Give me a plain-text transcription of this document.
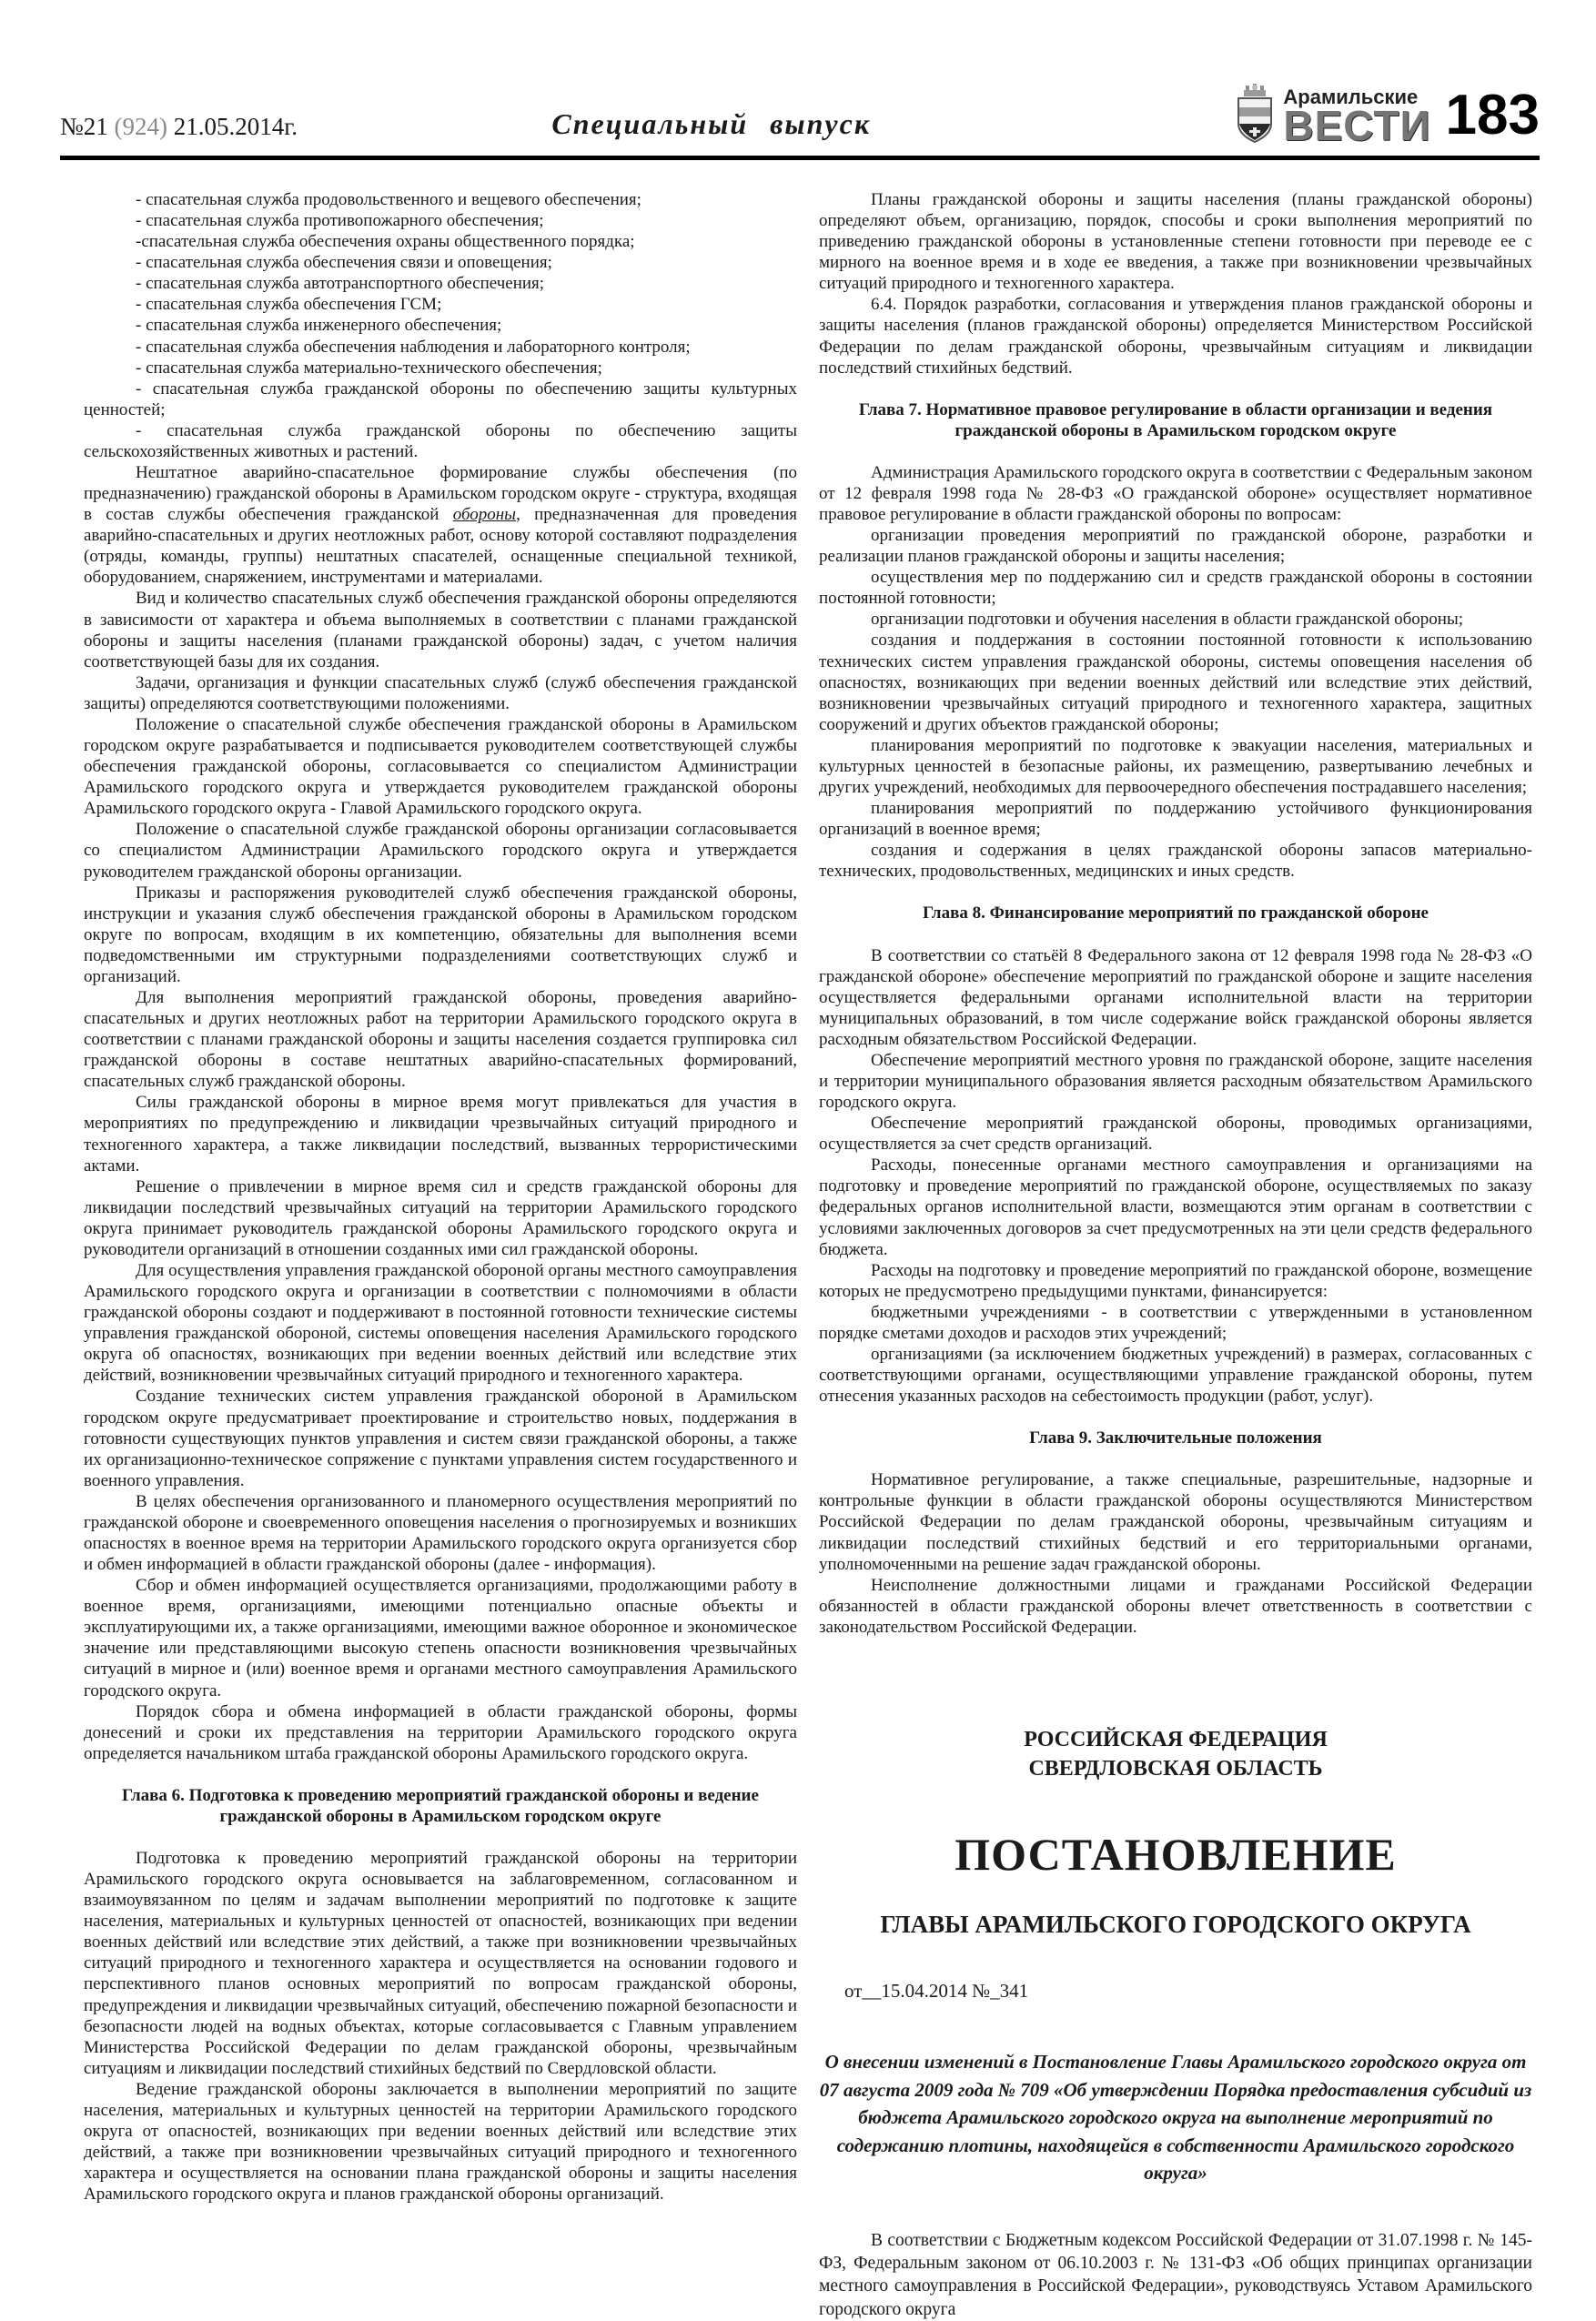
№21 (924) 21.05.2014г.	Специальный выпуск
Арамильские
ВЕСТИ 183

- спасательная служба продовольственного и вещевого обеспечения;

- спасательная служба противопожарного обеспечения;

-спасательная служба обеспечения охраны общественного порядка;

- спасательная служба обеспечения связи и оповещения;

- спасательная служба автотранспортного обеспечения;

- спасательная служба обеспечения ГСМ;

- спасательная служба инженерного обеспечения;

- спасательная служба обеспечения наблюдения и лабораторного контроля;

- спасательная служба материально-технического обеспечения;

- спасательная служба гражданской обороны по обеспечению защиты культурных ценностей;

- спасательная служба гражданской обороны по обеспечению защиты сельскохозяйственных животных и растений.

Нештатное аварийно-спасательное формирование службы обеспечения (по предназначению) гражданской обороны в Арамильском городском округе - структура, входящая в состав службы обеспечения гражданской обороны, предназначенная для проведения аварийно-спасательных и других неотложных работ, основу которой составляют подразделения (отряды, команды, группы) нештатных спасателей, оснащенные специальной техникой, оборудованием, снаряжением, инструментами и материалами.

Вид и количество спасательных служб обеспечения гражданской обороны определяются в зависимости от характера и объема выполняемых в соответствии с планами гражданской обороны и защиты населения (планами гражданской обороны) задач, с учетом наличия соответствующей базы для их создания.

Задачи, организация и функции спасательных служб (служб обеспечения гражданской защиты) определяются соответствующими положениями.

Положение о спасательной службе обеспечения гражданской обороны в Арамильском городском округе разрабатывается и подписывается руководителем соответствующей службы обеспечения гражданской обороны, согласовывается со специалистом Администрации Арамильского городского округа и утверждается руководителем гражданской обороны Арамильского городского округа - Главой Арамильского городского округа.

Положение о спасательной службе гражданской обороны организации согласовывается со специалистом Администрации Арамильского городского округа и утверждается руководителем гражданской обороны организации.

Приказы и распоряжения руководителей служб обеспечения гражданской обороны, инструкции и указания служб обеспечения гражданской обороны в Арамильском городском округе по вопросам, входящим в их компетенцию, обязательны для выполнения всеми подведомственными им структурными подразделениями соответствующих служб и организаций.

Для выполнения мероприятий гражданской обороны, проведения аварийно-спасательных и других неотложных работ на территории Арамильского городского округа в соответствии с планами гражданской обороны и защиты населения создается группировка сил гражданской обороны в составе нештатных аварийно-спасательных формирований, спасательных служб гражданской обороны.

Силы гражданской обороны в мирное время могут привлекаться для участия в мероприятиях по предупреждению и ликвидации чрезвычайных ситуаций природного и техногенного характера, а также ликвидации последствий, вызванных террористическими актами.

Решение о привлечении в мирное время сил и средств гражданской обороны для ликвидации последствий чрезвычайных ситуаций на территории Арамильского городского округа принимает руководитель гражданской обороны Арамильского городского округа и руководители организаций в отношении созданных ими сил гражданской обороны.

Для осуществления управления гражданской обороной органы местного самоуправления Арамильского городского округа и организации в соответствии с полномочиями в области гражданской обороны создают и поддерживают в постоянной готовности технические системы управления гражданской обороной, системы оповещения населения Арамильского городского округа об опасностях, возникающих при ведении военных действий или вследствие этих действий, возникновении чрезвычайных ситуаций природного и техногенного характера.

Создание технических систем управления гражданской обороной в Арамильском городском округе предусматривает проектирование и строительство новых, поддержания в готовности существующих пунктов управления и систем связи гражданской обороны, а также их организационно-техническое сопряжение с пунктами управления систем государственного и военного управления.

В целях обеспечения организованного и планомерного осуществления мероприятий по гражданской обороне и своевременного оповещения населения о прогнозируемых и возникших опасностях в военное время на территории Арамильского городского округа организуется сбор и обмен информацией в области гражданской обороны (далее - информация).

Сбор и обмен информацией осуществляется организациями, продолжающими работу в военное время, организациями, имеющими потенциально опасные объекты и эксплуатирующими их, а также организациями, имеющими важное оборонное и экономическое значение или представляющими высокую степень опасности возникновения чрезвычайных ситуаций в мирное и (или) военное время и органами местного самоуправления Арамильского городского округа.

Порядок сбора и обмена информацией в области гражданской обороны, формы донесений и сроки их представления на территории Арамильского городского округа определяется начальником штаба гражданской обороны Арамильского городского округа.

Глава 6. Подготовка к проведению мероприятий гражданской обороны и ведение гражданской обороны в Арамильском городском округе

Подготовка к проведению мероприятий гражданской обороны на территории Арамильского городского округа основывается на заблаговременном, согласованном и взаимоувязанном по целям и задачам выполнении мероприятий по подготовке к защите населения, материальных и культурных ценностей от опасностей, возникающих при ведении военных действий или вследствие этих действий, а также при возникновении чрезвычайных ситуаций природного и техногенного характера и осуществляется на основании годового и перспективного планов основных мероприятий по вопросам гражданской обороны, предупреждения и ликвидации чрезвычайных ситуаций, обеспечению пожарной безопасности и безопасности людей на водных объектах, которые согласовывается с Главным управлением Министерства Российской Федерации по делам гражданской обороны, чрезвычайным ситуациям и ликвидации последствий стихийных бедствий по Свердловской области.

Ведение гражданской обороны заключается в выполнении мероприятий по защите населения, материальных и культурных ценностей на территории Арамильского городского округа от опасностей, возникающих при ведении военных действий или вследствие этих действий, а также при возникновении чрезвычайных ситуаций природного и техногенного характера и осуществляется на основании плана гражданской обороны и защиты населения Арамильского городского округа и планов гражданской обороны организаций.

Планы гражданской обороны и защиты населения (планы гражданской обороны) определяют объем, организацию, порядок, способы и сроки выполнения мероприятий по приведению гражданской обороны в установленные степени готовности при переводе ее с мирного на военное время и в ходе ее введения, а также при возникновении чрезвычайных ситуаций природного и техногенного характера.

6.4. Порядок разработки, согласования и утверждения планов гражданской обороны и защиты населения (планов гражданской обороны) определяется Министерством Российской Федерации по делам гражданской обороны, чрезвычайным ситуациям и ликвидации последствий стихийных бедствий.

Глава 7. Нормативное правовое регулирование в области организации и ведения гражданской обороны в Арамильском городском округе

Администрация Арамильского городского округа в соответствии с Федеральным законом от 12 февраля 1998 года № 28-ФЗ «О гражданской обороне» осуществляет нормативное правовое регулирование в области гражданской обороны по вопросам:

организации проведения мероприятий по гражданской обороне, разработки и реализации планов гражданской обороны и защиты населения;

осуществления мер по поддержанию сил и средств гражданской обороны в состоянии постоянной готовности;

организации подготовки и обучения населения в области гражданской обороны;

создания и поддержания в состоянии постоянной готовности к использованию технических систем управления гражданской обороны, системы оповещения населения об опасностях, возникающих при ведении военных действий или вследствие этих действий, возникновении чрезвычайных ситуаций природного и техногенного характера, защитных сооружений и других объектов гражданской обороны;

планирования мероприятий по подготовке к эвакуации населения, материальных и культурных ценностей в безопасные районы, их размещению, развертыванию лечебных и других учреждений, необходимых для первоочередного обеспечения пострадавшего населения;

планирования мероприятий по поддержанию устойчивого функционирования организаций в военное время;

создания и содержания в целях гражданской обороны запасов материально- технических, продовольственных, медицинских и иных средств.

Глава 8. Финансирование мероприятий по гражданской обороне

В соответствии со статьёй 8 Федерального закона от 12 февраля 1998 года № 28-ФЗ «О гражданской обороне» обеспечение мероприятий по гражданской обороне и защите населения осуществляется федеральными органами исполнительной власти на территории муниципальных образований, в том числе содержание войск гражданской обороны является расходным обязательством Российской Федерации.

Обеспечение мероприятий местного уровня по гражданской обороне, защите населения и территории муниципального образования является расходным обязательством Арамильского городского округа.

Обеспечение мероприятий гражданской обороны, проводимых организациями, осуществляется за счет средств организаций.

Расходы, понесенные органами местного самоуправления и организациями на подготовку и проведение мероприятий по гражданской обороне, осуществляемых по заказу федеральных органов исполнительной власти, возмещаются этим органам в соответствии с условиями заключенных договоров за счет предусмотренных на эти цели средств федерального бюджета.

Расходы на подготовку и проведение мероприятий по гражданской обороне, возмещение которых не предусмотрено предыдущими пунктами, финансируется:

бюджетными учреждениями - в соответствии с утвержденными в установленном порядке сметами доходов и расходов этих учреждений;

организациями (за исключением бюджетных учреждений) в размерах, согласованных с соответствующими органами, осуществляющими управление гражданской обороны, путем отнесения указанных расходов на себестоимость продукции (работ, услуг).

Глава 9. Заключительные положения

Нормативное регулирование, а также специальные, разрешительные, надзорные и контрольные функции в области гражданской обороны осуществляются Министерством Российской Федерации по делам гражданской обороны, чрезвычайным ситуациям и ликвидации последствий стихийных бедствий и его территориальными органами, уполномоченными на решение задач гражданской обороны.

Неисполнение должностными лицами и гражданами Российской Федерации обязанностей в области гражданской обороны влечет ответственность в соответствии с законодательством Российской Федерации.

РОССИЙСКАЯ ФЕДЕРАЦИЯ

СВЕРДЛОВСКАЯ ОБЛАСТЬ

ПОСТАНОВЛЕНИЕ

ГЛАВЫ АРАМИЛЬСКОГО ГОРОДСКОГО ОКРУГА

от__15.04.2014 №_341

О внесении изменений в Постановление Главы Арамильского городского округа от 07 августа 2009 года № 709 «Об утверждении Порядка предоставления субсидий из бюджета Арамильского городского округа на выполнение мероприятий по содержанию плотины, находящейся в собственности Арамильского городского округа»

В соответствии с Бюджетным кодексом Российской Федерации от 31.07.1998 г. № 145-ФЗ, Федеральным законом от 06.10.2003 г. № 131-ФЗ «Об общих принципах организации местного самоуправления в Российской Федерации», руководствуясь Уставом Арамильского городского округа
